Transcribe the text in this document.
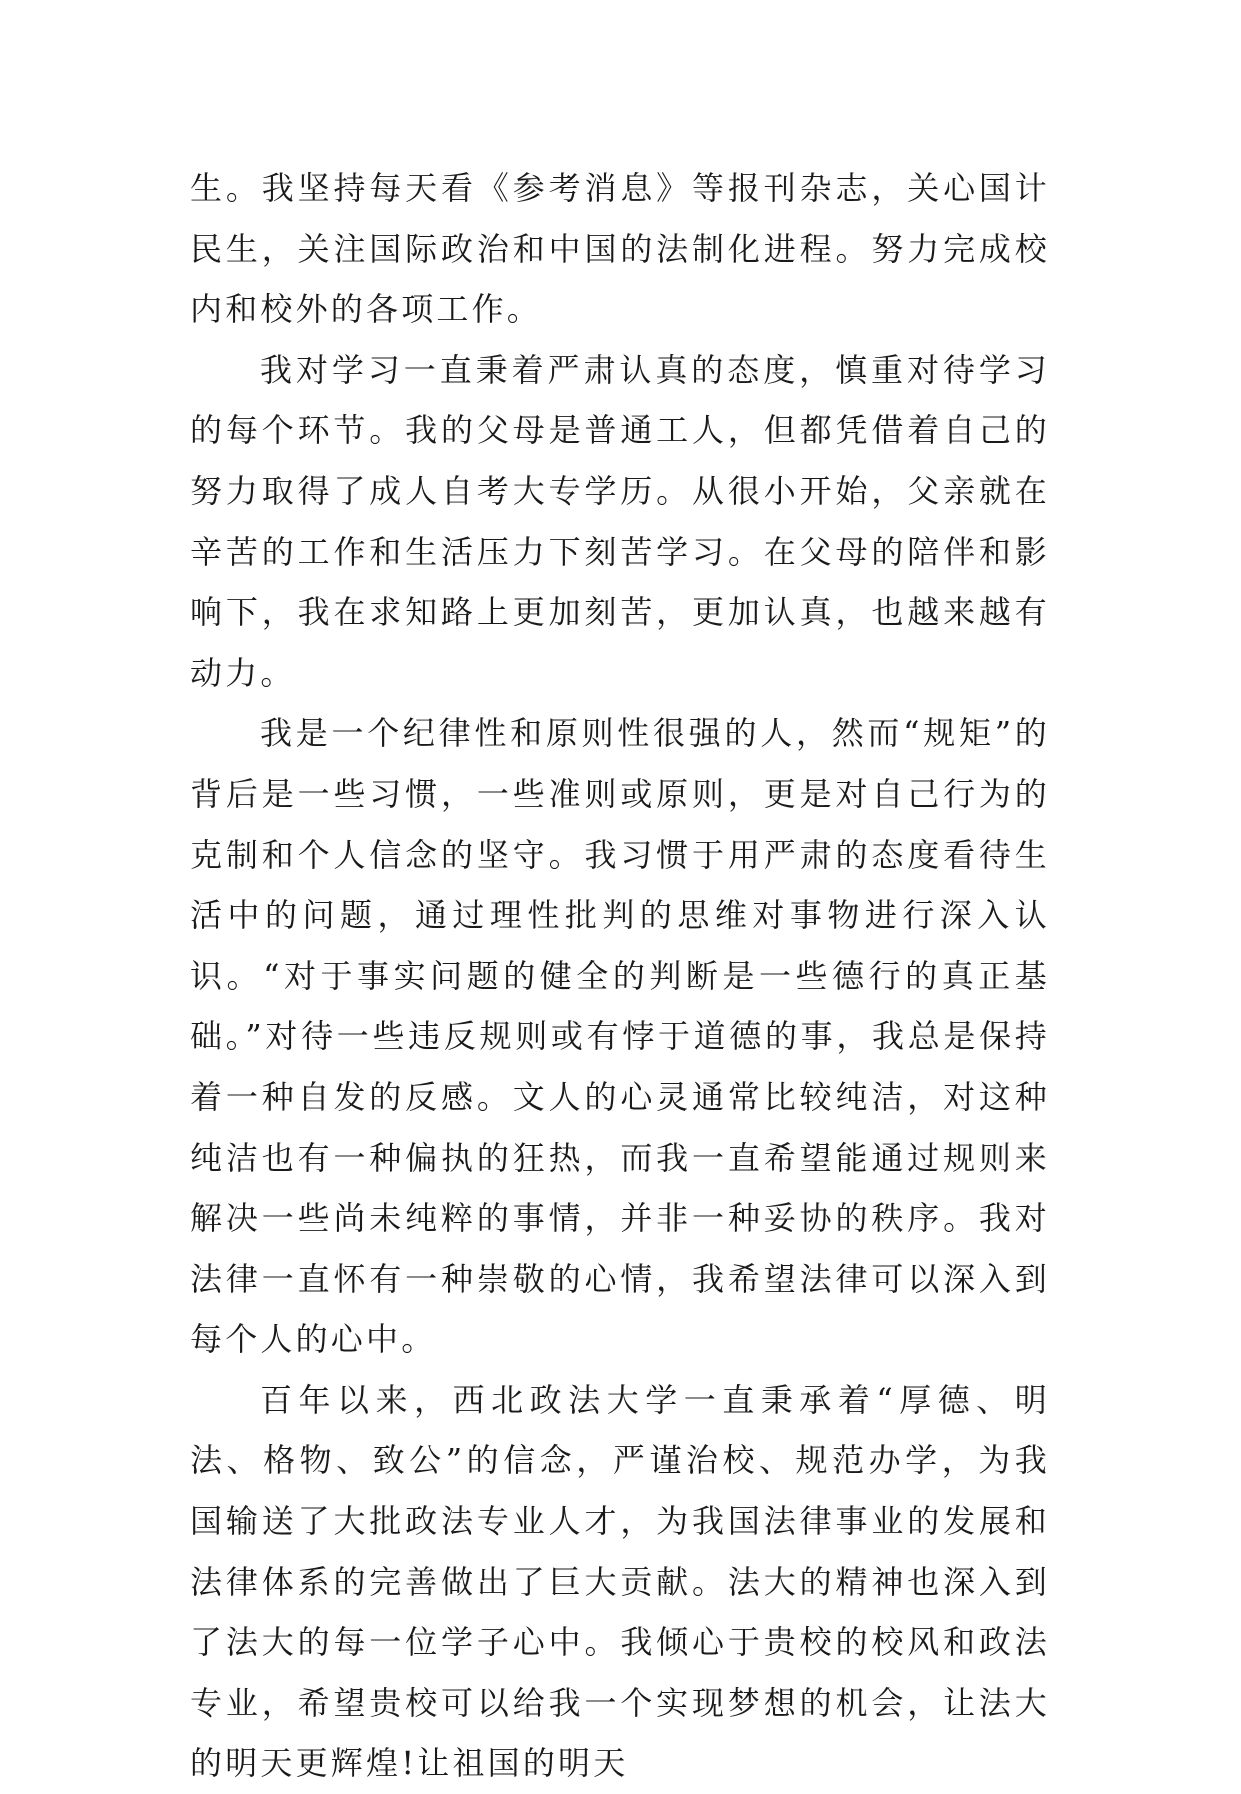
生。我坚持每天看《参考消息》等报刊杂志，关心国计民生，关注国际政治和中国的法制化进程。努力完成校内和校外的各项工作。

我对学习一直秉着严肃认真的态度，慎重对待学习的每个环节。我的父母是普通工人，但都凭借着自己的努力取得了成人自考大专学历。从很小开始，父亲就在辛苦的工作和生活压力下刻苦学习。在父母的陪伴和影响下，我在求知路上更加刻苦，更加认真，也越来越有动力。

我是一个纪律性和原则性很强的人，然而“规矩”的背后是一些习惯，一些准则或原则，更是对自己行为的克制和个人信念的坚守。我习惯于用严肃的态度看待生活中的问题，通过理性批判的思维对事物进行深入认识。“对于事实问题的健全的判断是一些德行的真正基础。”对待一些违反规则或有悖于道德的事，我总是保持着一种自发的反感。文人的心灵通常比较纯洁，对这种纯洁也有一种偏执的狂热，而我一直希望能通过规则来解决一些尚未纯粹的事情，并非一种妥协的秩序。我对法律一直怀有一种崇敬的心情，我希望法律可以深入到每个人的心中。

百年以来，西北政法大学一直秉承着“厚德、明法、格物、致公”的信念，严谨治校、规范办学，为我国输送了大批政法专业人才，为我国法律事业的发展和法律体系的完善做出了巨大贡献。法大的精神也深入到了法大的每一位学子心中。我倾心于贵校的校风和政法专业，希望贵校可以给我一个实现梦想的机会，让法大的明天更辉煌!让祖国的明天
